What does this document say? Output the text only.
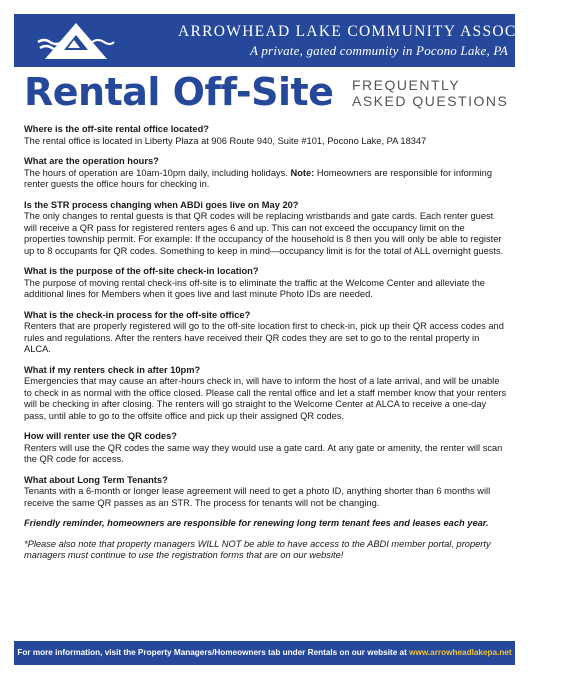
ARROWHEAD LAKE COMMUNITY ASSOCIATION
A private, gated community in Pocono Lake, PA
Rental Off-Site FREQUENTLY
ASKED QUESTIONS
Where is the off-site rental office located?
The rental office is located in Liberty Plaza at 906 Route 940, Suite #101, Pocono Lake, PA 18347
What are the operation hours?
The hours of operation are 10am-10pm daily, including holidays. Note: Homeowners are responsible for informing renter guests the office hours for checking in.
Is the STR process changing when ABDi goes live on May 20?
The only changes to rental guests is that QR codes will be replacing wristbands and gate cards. Each renter guest will receive a QR pass for registered renters ages 6 and up. This can not exceed the occupancy limit on the properties township permit. For example: If the occupancy of the household is 8 then you will only be able to register up to 8 occupants for QR codes. Something to keep in mind—occupancy limit is for the total of ALL overnight guests.
What is the purpose of the off-site check-in location?
The purpose of moving rental check-ins off-site is to eliminate the traffic at the Welcome Center and alleviate the additional lines for Members when it goes live and last minute Photo IDs are needed.
What is the check-in process for the off-site office?
Renters that are properly registered will go to the off-site location first to check-in, pick up their QR access codes and rules and regulations. After the renters have received their QR codes they are set to go to the rental property in ALCA.
What if my renters check in after 10pm?
Emergencies that may cause an after-hours check in, will have to inform the host of a late arrival, and will be unable to check in as normal with the office closed. Please call the rental office and let a staff member know that your renters will be checking in after closing. The renters will go straight to the Welcome Center at ALCA to receive a one-day pass, until able to go to the offsite office and pick up their assigned QR codes.
How will renter use the QR codes?
Renters will use the QR codes the same way they would use a gate card. At any gate or amenity, the renter will scan the QR code for access.
What about Long Term Tenants?
Tenants with a 6-month or longer lease agreement will need to get a photo ID, anything shorter than 6 months will receive the same QR passes as an STR. The process for tenants will not be changing.
Friendly reminder, homeowners are responsible for renewing long term tenant fees and leases each year.
*Please also note that property managers WILL NOT be able to have access to the ABDI member portal, property managers must continue to use the registration forms that are on our website!
For more information, visit the Property Managers/Homeowners tab under Rentals on our website at www.arrowheadlakepa.net
